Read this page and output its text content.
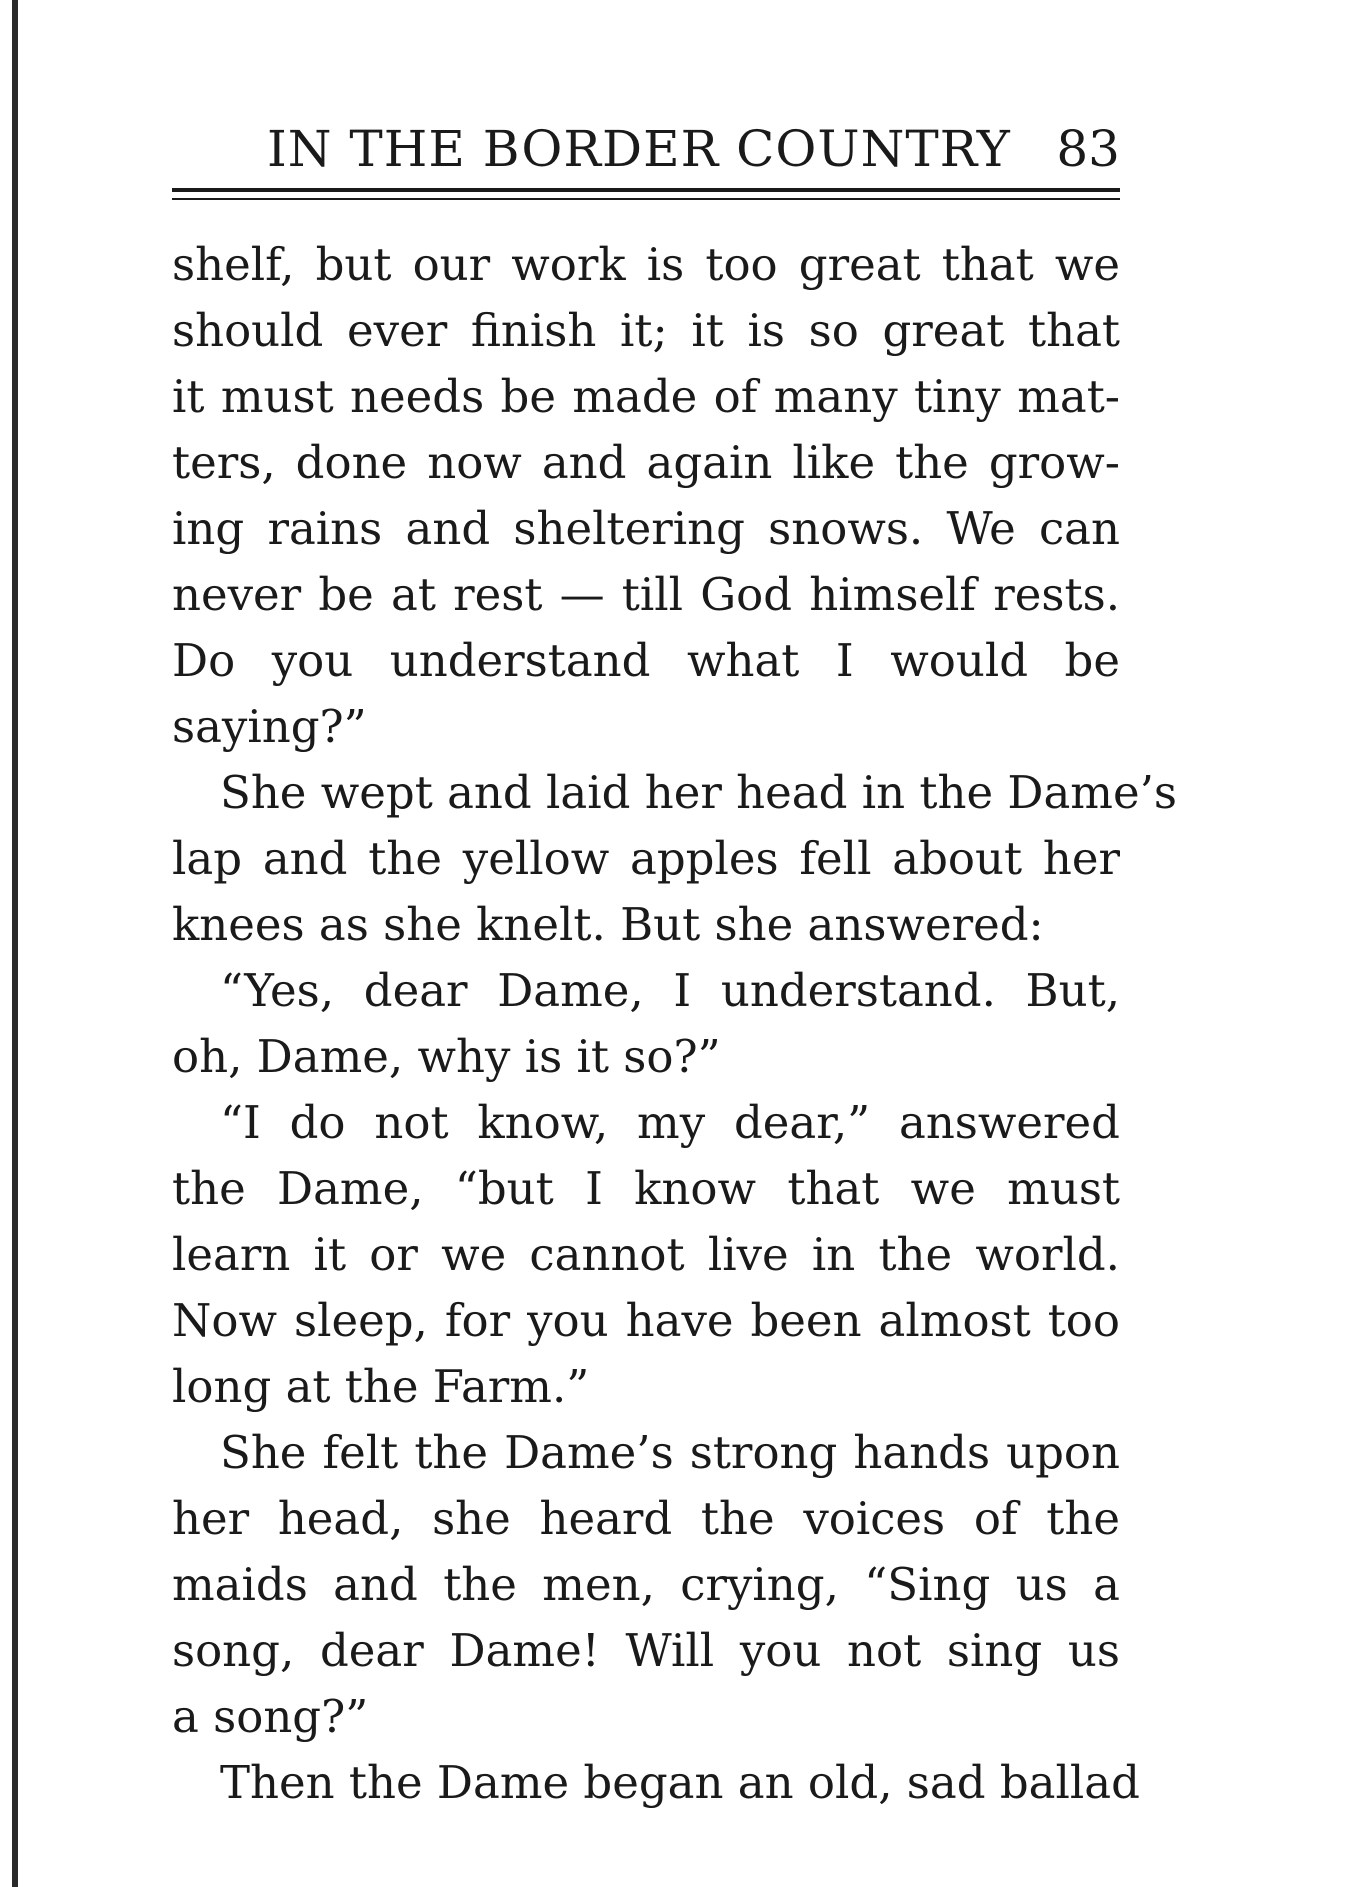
IN THE BORDER COUNTRY 83
shelf, but our work is too great that we
should ever finish it; it is so great that
it must needs be made of many tiny mat-
ters, done now and again like the grow-
ing rains and sheltering snows. We can
never be at rest — till God himself rests.
Do you understand what I would be
saying?”
She wept and laid her head in the Dame’s
lap and the yellow apples fell about her
knees as she knelt. But she answered:
“Yes, dear Dame, I understand. But,
oh, Dame, why is it so?”
“I do not know, my dear,” answered
the Dame, “but I know that we must
learn it or we cannot live in the world.
Now sleep, for you have been almost too
long at the Farm.”
She felt the Dame’s strong hands upon
her head, she heard the voices of the
maids and the men, crying, “Sing us a
song, dear Dame! Will you not sing us
a song?”
Then the Dame began an old, sad ballad
